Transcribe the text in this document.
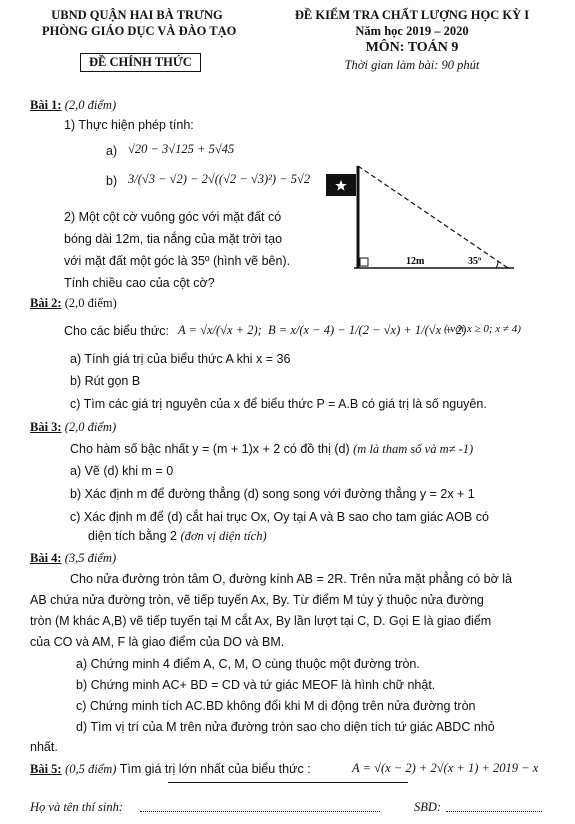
UBND QUẬN HAI BÀ TRƯNG
PHÒNG GIÁO DỤC VÀ ĐÀO TẠO
ĐỀ CHÍNH THỨC
ĐỀ KIỂM TRA CHẤT LƯỢNG HỌC KỲ I
Năm học 2019 – 2020
MÔN: TOÁN 9
Thời gian làm bài: 90 phút
Bài 1: (2,0 điểm)
1) Thực hiện phép tính:
a) √20 − 3√125 + 5√45
b) 3/(√3 − √2) − 2√((√2 − √3)²) − 5√2
2) Một cột cờ vuông góc với mặt đất có
bóng dài 12m, tia nắng của mặt trời tạo
với mặt đất một góc là 35º (hình vẽ bên).
Tính chiều cao của cột cờ?
12m	35º
Bài 2: (2,0 điểm)
Cho các biểu thức: A = √x/(√x + 2); B = x/(x − 4) − 1/(2 − √x) + 1/(√x + 2)
( với x ≥ 0; x ≠ 4)
a) Tính giá trị của biểu thức A khi x = 36
b) Rút gọn B
c) Tìm các giá trị nguyên của x để biểu thức P = A.B có giá trị là số nguyên.
Bài 3: (2,0 điểm)
Cho hàm số bậc nhất y = (m + 1)x + 2 có đồ thị (d) (m là tham số và m≠ -1)
a) Vẽ (d) khi m = 0
b) Xác định m để đường thẳng (d) song song với đường thẳng y = 2x + 1
c) Xác định m để (d) cắt hai trục Ox, Oy tại A và B sao cho tam giác AOB có
diện tích bằng 2 (đơn vị diện tích)
Bài 4: (3,5 điểm)
Cho nửa đường tròn tâm O, đường kính AB = 2R. Trên nửa mặt phẳng có bờ là
AB chứa nửa đường tròn, vẽ tiếp tuyến Ax, By. Từ điểm M tùy ý thuộc nửa đường
tròn (M khác A,B) vẽ tiếp tuyến tại M cắt Ax, By lần lượt tại C, D. Gọi E là giao điểm
của CO và AM, F là giao điểm của DO và BM.
a) Chứng minh 4 điểm A, C, M, O cùng thuộc một đường tròn.
b) Chứng minh AC+ BD = CD và tứ giác MEOF là hình chữ nhật.
c) Chứng minh tích AC.BD không đổi khi M di động trên nửa đường tròn
d) Tìm vị trí của M trên nửa đường tròn sao cho diện tích tứ giác ABDC nhỏ
nhất.
Bài 5: (0,5 điểm) Tìm giá trị lớn nhất của biểu thức :	A = √(x − 2) + 2√(x + 1) + 2019 − x
Họ và tên thí sinh:	SBD:
